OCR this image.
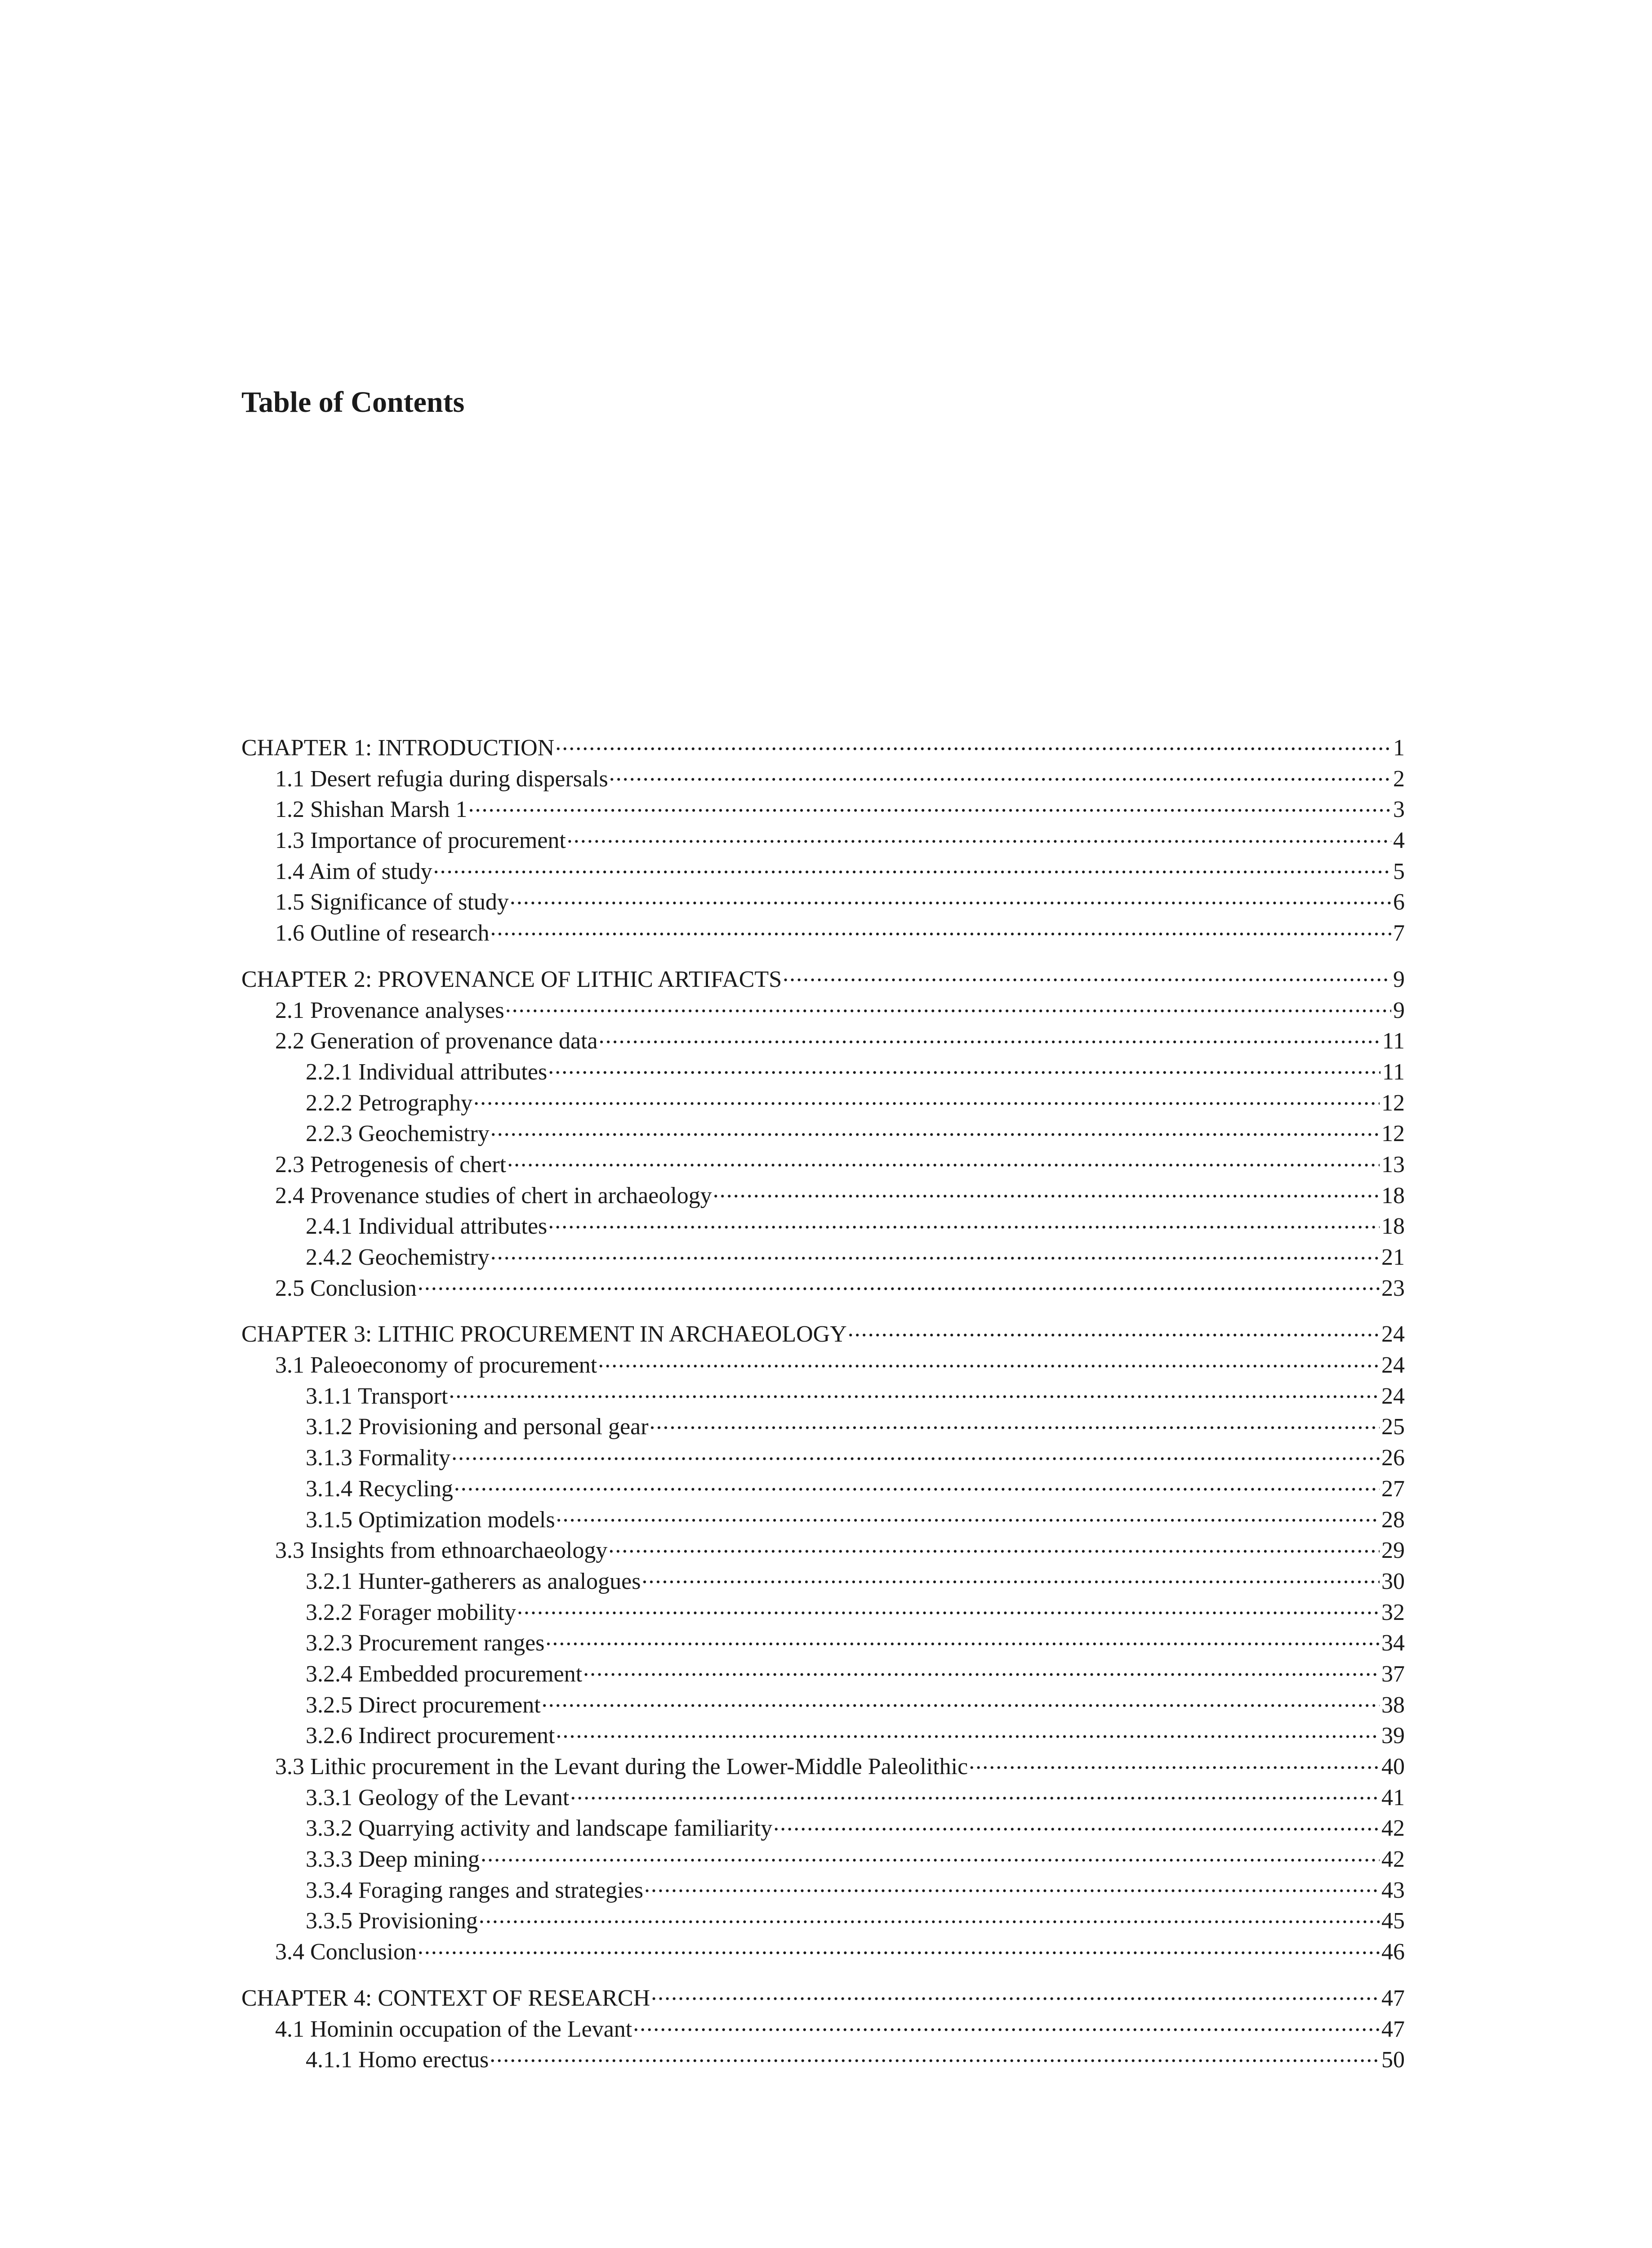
Table of Contents
CHAPTER 1: INTRODUCTION .....	1
1.1 Desert refugia during dispersals .....	2
1.2 Shishan Marsh 1 .....	3
1.3 Importance of procurement .....	4
1.4 Aim of study .....	5
1.5 Significance of study .....	6
1.6 Outline of research .....	7
CHAPTER 2: PROVENANCE OF LITHIC ARTIFACTS .....	9
2.1 Provenance analyses .....	9
2.2 Generation of provenance data .....	11
2.2.1 Individual attributes .....	11
2.2.2 Petrography .....	12
2.2.3 Geochemistry .....	12
2.3 Petrogenesis of chert .....	13
2.4 Provenance studies of chert in archaeology .....	18
2.4.1 Individual attributes .....	18
2.4.2 Geochemistry .....	21
2.5 Conclusion .....	23
CHAPTER 3: LITHIC PROCUREMENT IN ARCHAEOLOGY .....	24
3.1 Paleoeconomy of procurement .....	24
3.1.1 Transport .....	24
3.1.2 Provisioning and personal gear .....	25
3.1.3 Formality .....	26
3.1.4 Recycling .....	27
3.1.5 Optimization models .....	28
3.3 Insights from ethnoarchaeology .....	29
3.2.1 Hunter-gatherers as analogues .....	30
3.2.2 Forager mobility .....	32
3.2.3 Procurement ranges .....	34
3.2.4 Embedded procurement .....	37
3.2.5 Direct procurement .....	38
3.2.6 Indirect procurement .....	39
3.3 Lithic procurement in the Levant during the Lower-Middle Paleolithic .....	40
3.3.1 Geology of the Levant .....	41
3.3.2 Quarrying activity and landscape familiarity .....	42
3.3.3 Deep mining .....	42
3.3.4 Foraging ranges and strategies .....	43
3.3.5 Provisioning .....	45
3.4 Conclusion .....	46
CHAPTER 4: CONTEXT OF RESEARCH .....	47
4.1 Hominin occupation of the Levant .....	47
4.1.1 Homo erectus .....	50
